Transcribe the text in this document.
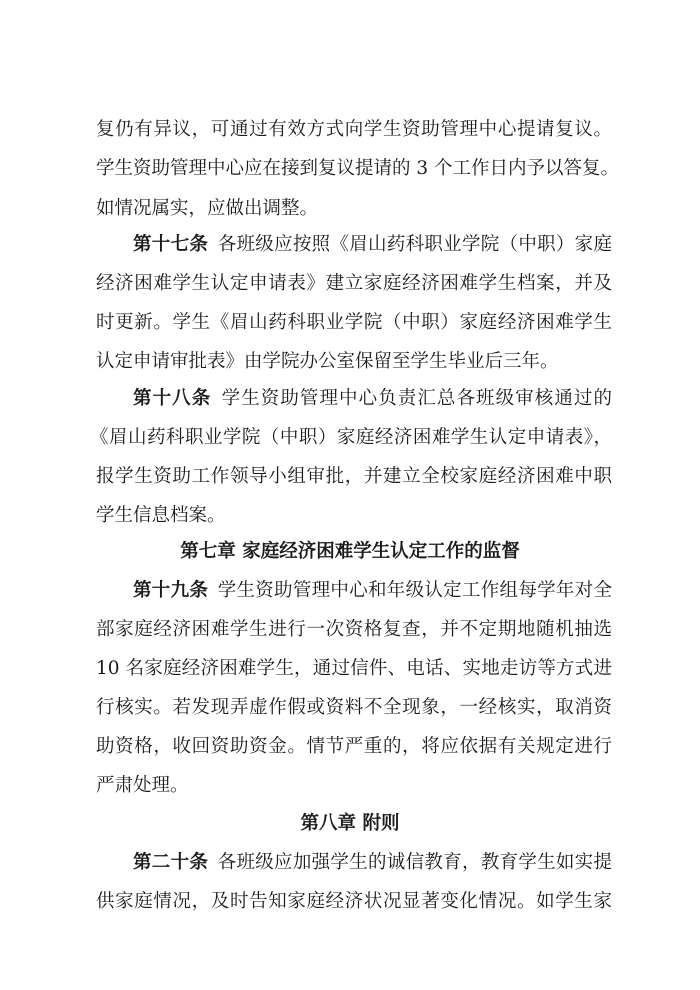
复仍有异议，可通过有效方式向学生资助管理中心提请复议。
学生资助管理中心应在接到复议提请的 3 个工作日内予以答复。
如情况属实，应做出调整。
第十七条  各班级应按照《眉山药科职业学院（中职）家庭
经济困难学生认定申请表》建立家庭经济困难学生档案，并及
时更新。学生《眉山药科职业学院（中职）家庭经济困难学生
认定申请审批表》由学院办公室保留至学生毕业后三年。
第十八条  学生资助管理中心负责汇总各班级审核通过的
《眉山药科职业学院（中职）家庭经济困难学生认定申请表》，
报学生资助工作领导小组审批，并建立全校家庭经济困难中职
学生信息档案。
第七章 家庭经济困难学生认定工作的监督
第十九条  学生资助管理中心和年级认定工作组每学年对全
部家庭经济困难学生进行一次资格复查，并不定期地随机抽选
10 名家庭经济困难学生，通过信件、电话、实地走访等方式进
行核实。若发现弄虚作假或资料不全现象，一经核实，取消资
助资格，收回资助资金。情节严重的，将应依据有关规定进行
严肃处理。
第八章 附则
第二十条  各班级应加强学生的诚信教育，教育学生如实提
供家庭情况，及时告知家庭经济状况显著变化情况。如学生家
